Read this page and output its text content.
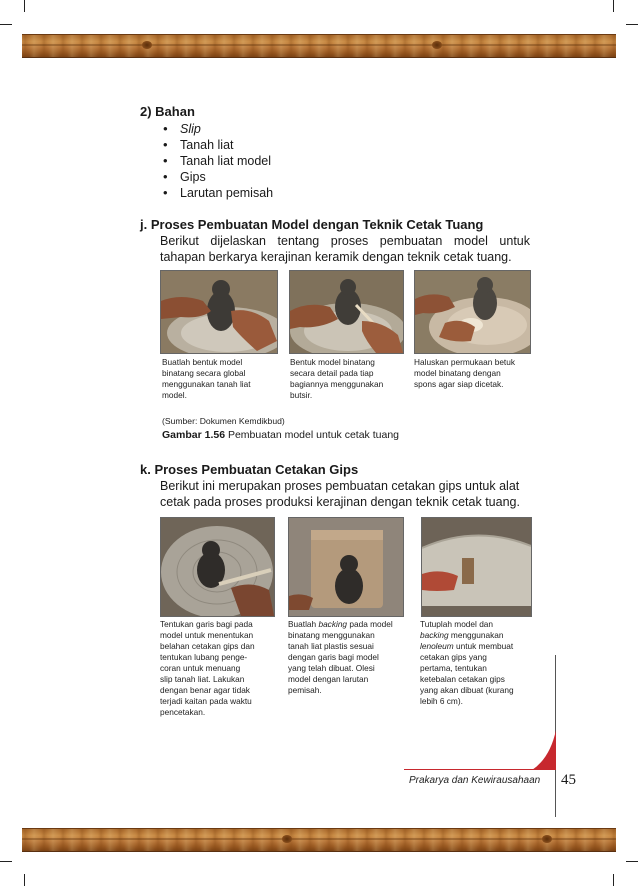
2) Bahan
• Slip
• Tanah liat
• Tanah liat model
• Gips
• Larutan pemisah
j. Proses Pembuatan Model dengan Teknik Cetak Tuang
Berikut dijelaskan tentang proses pembuatan model untuk
tahapan berkarya kerajinan keramik dengan teknik cetak tuang.
Buatlah bentuk model
binatang secara global
menggunakan tanah liat
model.
Bentuk model binatang
secara detail pada tiap
bagiannya menggunakan
butsir.
Haluskan permukaan betuk
model binatang dengan
spons agar siap dicetak.
(Sumber: Dokumen Kemdikbud)
Gambar 1.56 Pembuatan model untuk cetak tuang
k. Proses Pembuatan Cetakan Gips
Berikut ini merupakan proses pembuatan cetakan gips untuk alat
cetak pada proses produksi kerajinan dengan teknik cetak tuang.
Tentukan garis bagi pada
model untuk menentukan
belahan cetakan gips dan
tentukan lubang penge-
coran untuk menuang
slip tanah liat. Lakukan
dengan benar agar tidak
terjadi kaitan pada waktu
pencetakan.
Buatlah backing pada model
binatang menggunakan
tanah liat plastis sesuai
dengan garis bagi model
yang telah dibuat. Olesi
model dengan larutan
pemisah.
Tutuplah model dan
backing menggunakan
lenoleum untuk membuat
cetakan gips yang
pertama, tentukan
ketebalan cetakan gips
yang akan dibuat (kurang
lebih 6 cm).
Prakarya dan Kewirausahaan 45
